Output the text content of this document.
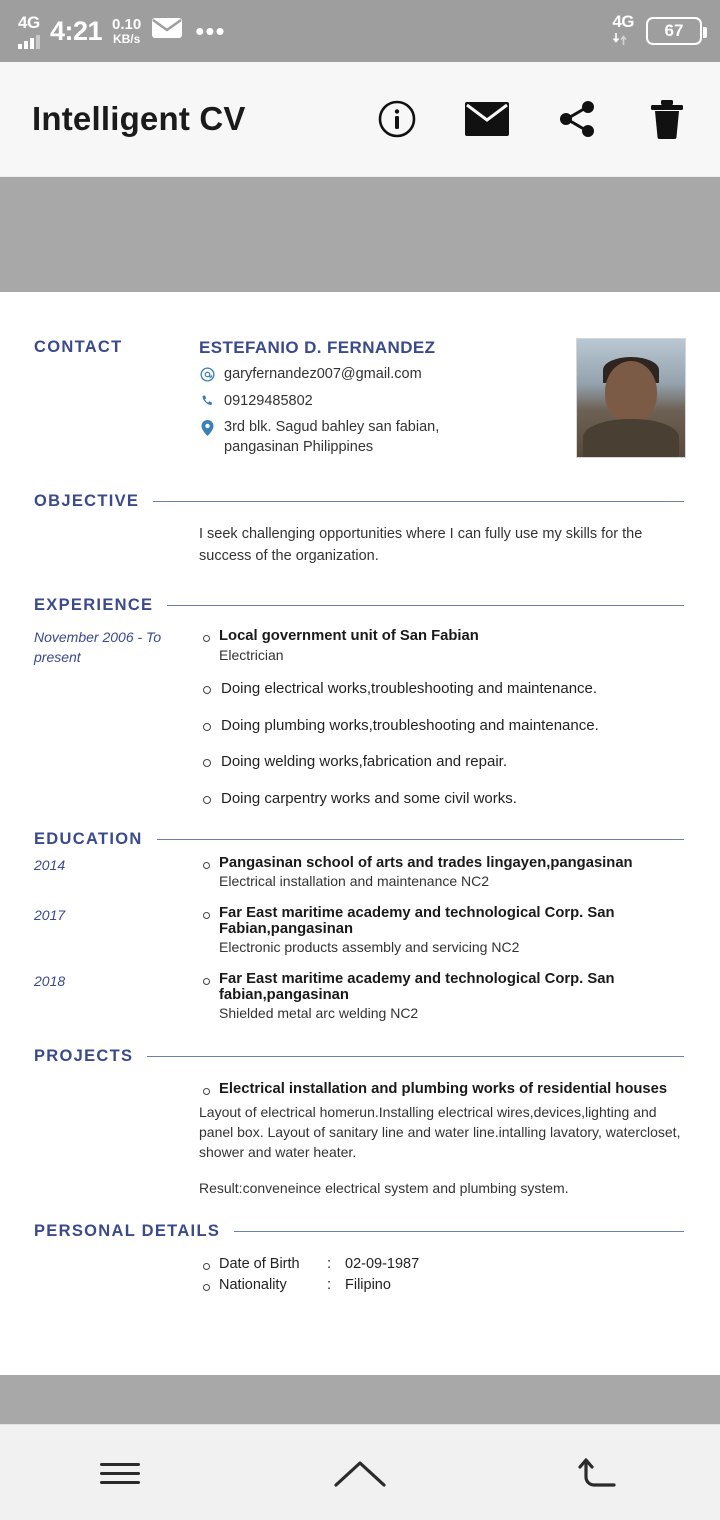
4G 4:21 0.10
KB/s •••	4G 67
Intelligent CV
CONTACT	ESTEFANIO D. FERNANDEZ
garyfernandez007@gmail.com
09129485802
3rd blk. Sagud bahley san fabian, pangasinan Philippines
OBJECTIVE
I seek challenging opportunities where I can fully use my skills for the success of the organization.
EXPERIENCE
November 2006 - To present
Local government unit of San Fabian
Electrician
Doing electrical works,troubleshooting and maintenance.
Doing plumbing works,troubleshooting and maintenance.
Doing welding works,fabrication and repair.
Doing carpentry works and some civil works.
EDUCATION
2014	Pangasinan school of arts and trades lingayen,pangasinan
Electrical installation and maintenance NC2
2017	Far East maritime academy and technological Corp. San Fabian,pangasinan
Electronic products assembly and servicing NC2
2018	Far East maritime academy and technological Corp. San fabian,pangasinan
Shielded metal arc welding NC2
PROJECTS
Electrical installation and plumbing works of residential houses
Layout of electrical homerun.Installing electrical wires,devices,lighting and panel box. Layout of sanitary line and water line.intalling lavatory, watercloset, shower and water heater.
Result:conveneince electrical system and plumbing system.
PERSONAL DETAILS
Date of Birth	: 02-09-1987
Nationality	: Filipino
